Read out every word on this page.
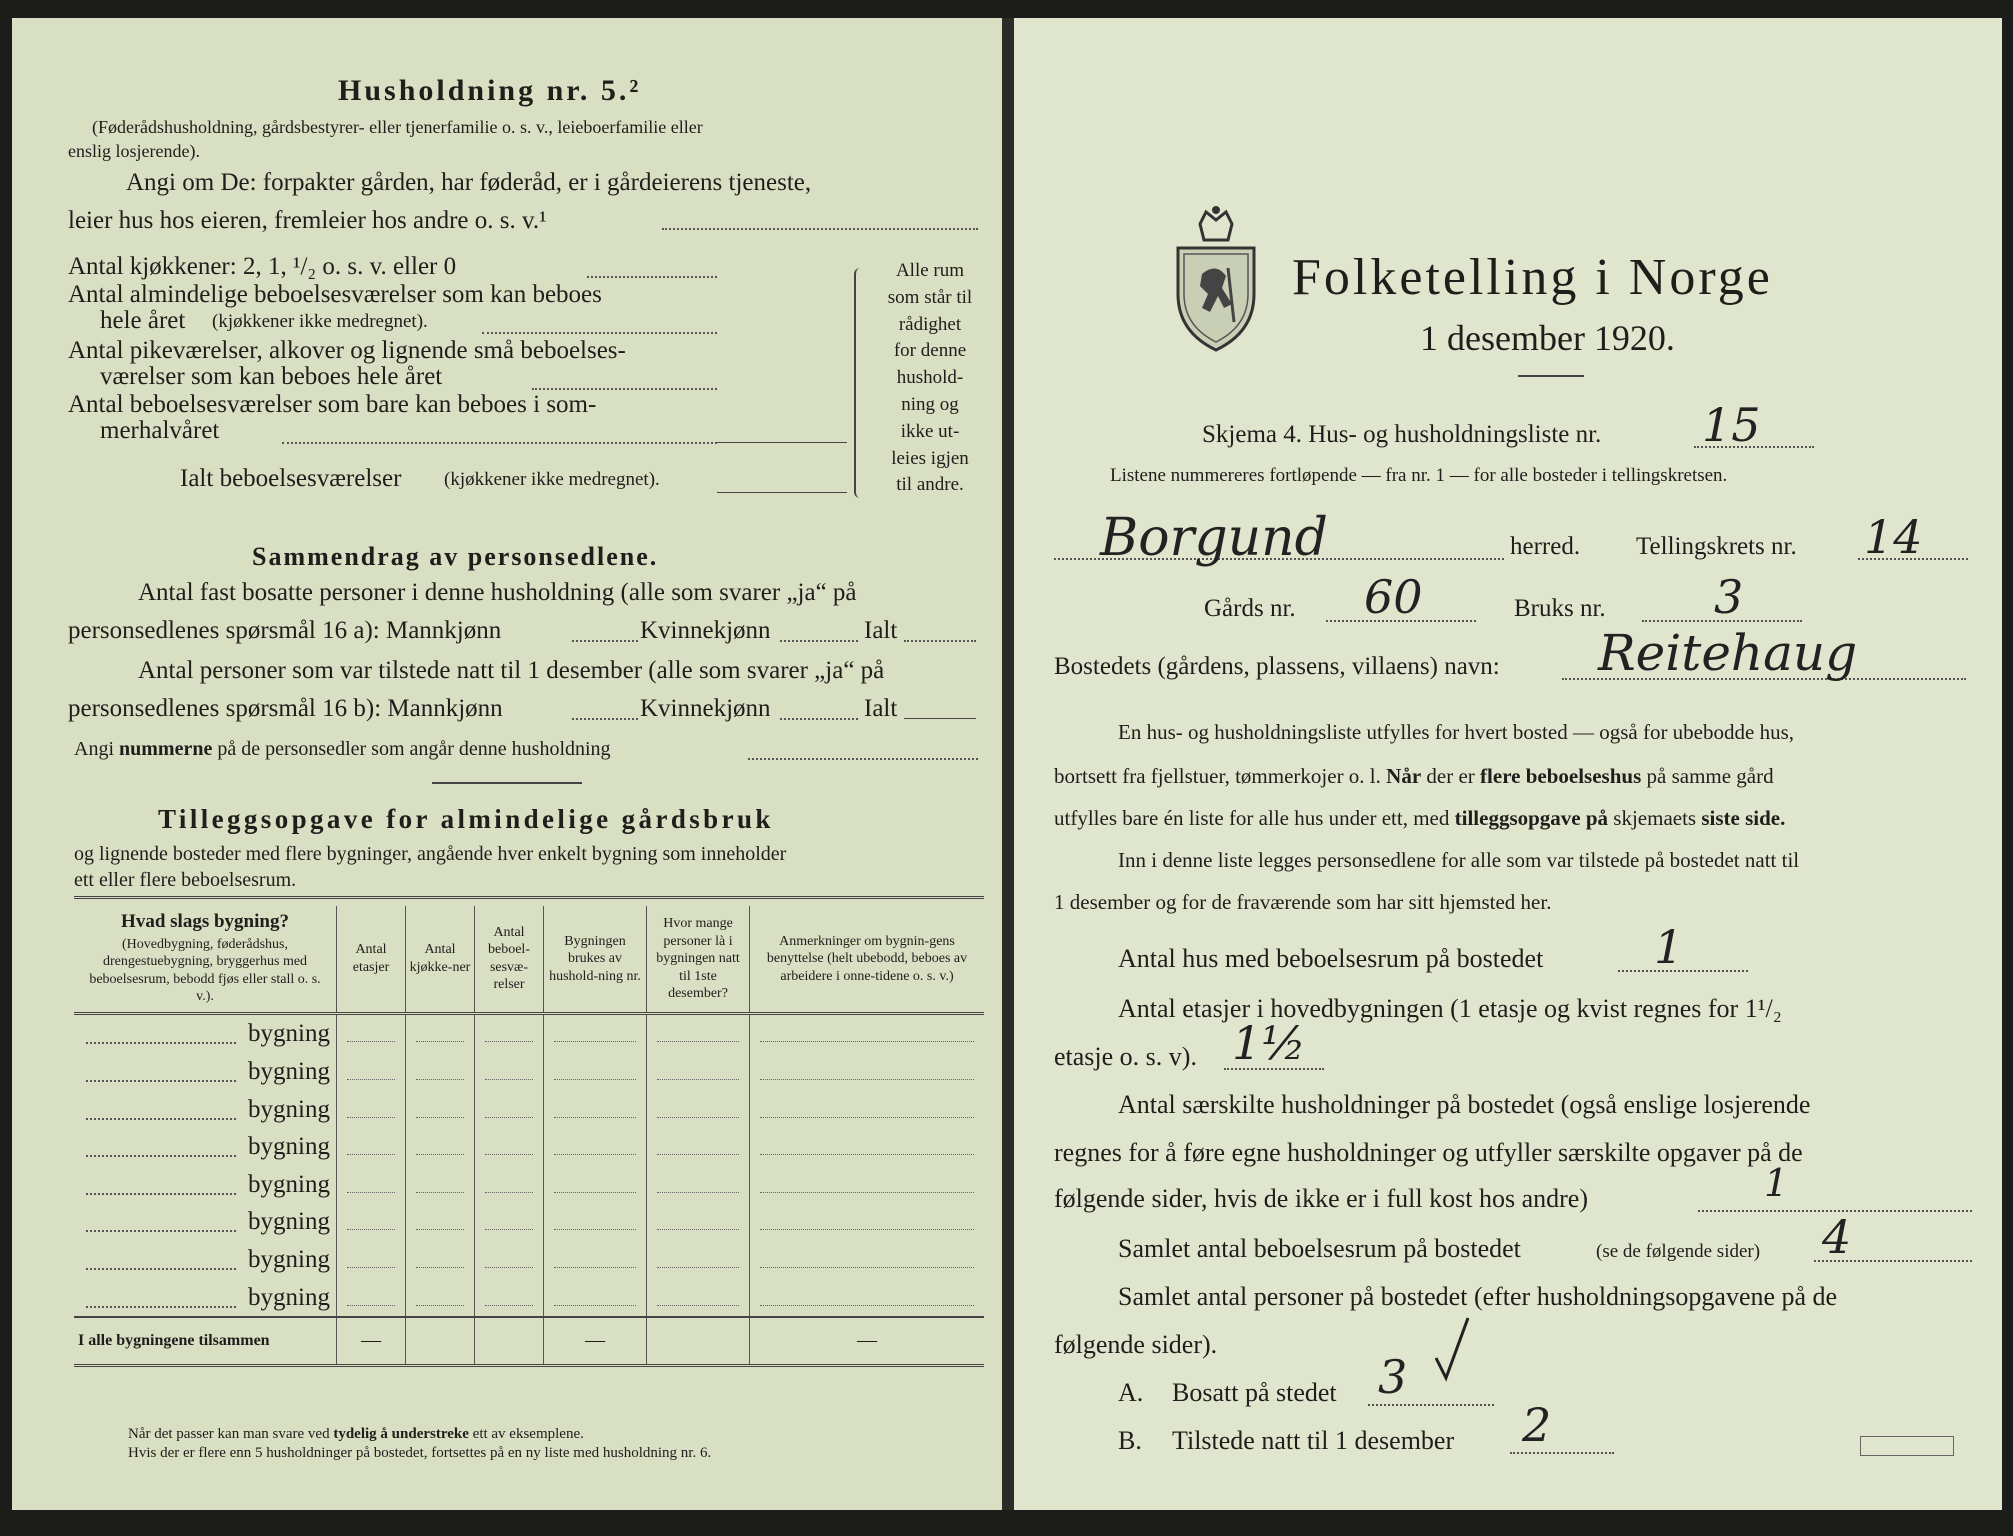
Husholdning nr. 5.²
(Føderådshusholdning, gårdsbestyrer- eller tjenerfamilie o. s. v., leieboerfamilie eller
enslig losjerende).
Angi om De: forpakter gården, har føderåd, er i gårdeierens tjeneste,
leier hus hos eieren, fremleier hos andre o. s. v.¹
Antal kjøkkener: 2, 1, ¹/₂ o. s. v. eller 0
Antal almindelige beboelsesværelser som kan beboes
hele året (kjøkkener ikke medregnet).
Antal pikeværelser, alkover og lignende små beboelses-
værelser som kan beboes hele året
Antal beboelsesværelser som bare kan beboes i som-
merhalvåret
Ialt beboelsesværelser (kjøkkener ikke medregnet).
Alle rum
som står til
rådighet
for denne
hushold-
ning og
ikke ut-
leies igjen
til andre.
Sammendrag av personsedlene.
Antal fast bosatte personer i denne husholdning (alle som svarer „ja“ på
personsedlenes spørsmål 16 a): Mannkjønn	Kvinnekjønn	Ialt
Antal personer som var tilstede natt til 1 desember (alle som svarer „ja“ på
personsedlenes spørsmål 16 b): Mannkjønn	Kvinnekjønn	Ialt
Angi nummerne på de personsedler som angår denne husholdning
Tilleggsopgave for almindelige gårdsbruk
og lignende bosteder med flere bygninger, angående hver enkelt bygning som inneholder
ett eller flere beboelsesrum.
Hvad slags bygning?
(Hovedbygning, føderådshus, drengestuebygning, bryggerhus med beboelsesrum, bebodd fjøs eller stall o. s. v.).	Antal etasjer	Antal kjøkke-ner	Antal beboel-sesvæ-relser	Bygningen brukes av hushold-ning nr.	Hvor mange personer là i bygningen natt til 1ste desember?	Anmerkninger om bygnin-gens benyttelse (helt ubebodd, beboes av arbeidere i onne-tidene o. s. v.)

bygning						

bygning						

bygning						

bygning						

bygning						

bygning						

bygning						

bygning						

I alle bygningene tilsammen	—			—		—
Når det passer kan man svare ved tydelig å understreke ett av eksemplene.
Hvis der er flere enn 5 husholdninger på bostedet, fortsettes på en ny liste med husholdning nr. 6.
Folketelling i Norge
1 desember 1920.
Skjema 4. Hus- og husholdningsliste nr. 15
Listene nummereres fortløpende — fra nr. 1 — for alle bosteder i tellingskretsen.
Borgund	herred. Tellingskrets nr. 14
Gårds nr. 60	Bruks nr. 3
Bostedets (gårdens, plassens, villaens) navn: Reitehaug
En hus- og husholdningsliste utfylles for hvert bosted — også for ubebodde hus,
bortsett fra fjellstuer, tømmerkojer o. l. Når der er flere beboelseshus på samme gård
utfylles bare én liste for alle hus under ett, med tilleggsopgave på skjemaets siste side.
Inn i denne liste legges personsedlene for alle som var tilstede på bostedet natt til
1 desember og for de fraværende som har sitt hjemsted her.
Antal hus med beboelsesrum på bostedet 1
Antal etasjer i hovedbygningen (1 etasje og kvist regnes for 1¹/₂
etasje o. s. v). 1½
Antal særskilte husholdninger på bostedet (også enslige losjerende
regnes for å føre egne husholdninger og utfyller særskilte opgaver på de
følgende sider, hvis de ikke er i full kost hos andre)	1
Samlet antal beboelsesrum på bostedet	(se de følgende sider) 4
Samlet antal personer på bostedet (efter husholdningsopgavene på de
følgende sider).
A. Bosatt på stedet 3
B. Tilstede natt til 1 desember 2
